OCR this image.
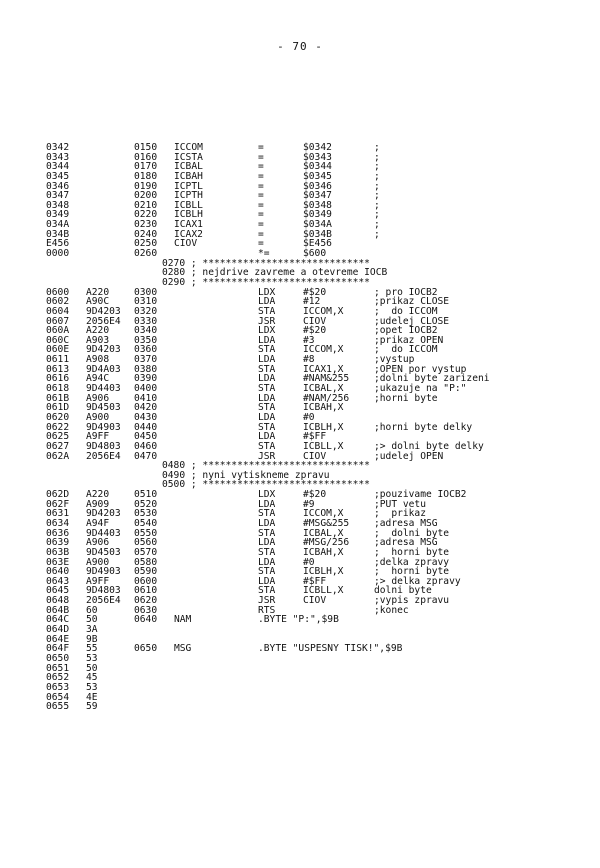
- 70 -
0342	0150 ICCOM	=	$0342	;
0343	0160 ICSTA	=	$0343	;
0344	0170 ICBAL	=	$0344	;
0345	0180 ICBAH	=	$0345	;
0346	0190 ICPTL	=	$0346	;
0347	0200 ICPTH	=	$0347	;
0348	0210 ICBLL	=	$0348	;
0349	0220 ICBLH	=	$0349	;
034A	0230 ICAX1	=	$034A	;
034B	0240 ICAX2	=	$034B	;
E456	0250 CIOV	=	$E456
0000	0260	*=	$600
0270 ; *****************************
0280 ; nejdrive zavreme a otevreme IOCB
0290 ; *****************************
0600 A220	0300	LDX	#$20	; pro IOCB2
0602 A90C	0310	LDA	#12	;prikaz CLOSE
0604 9D4203 0320	STA	ICCOM,X	;  do ICCOM
0607 2056E4 0330	JSR	CIOV	;udelej CLOSE
060A A220	0340	LDX	#$20	;opet IOCB2
060C A903	0350	LDA	#3	;prikaz OPEN
060E 9D4203 0360	STA	ICCOM,X	;  do ICCOM
0611 A908	0370	LDA	#8	;vystup
0613 9D4A03 0380	STA	ICAX1,X	;OPEN por vystup
0616 A94C	0390	LDA	#NAM&255	;dolni byte zarizeni
0618 9D4403 0400	STA	ICBAL,X	;ukazuje na "P:"
061B A906	0410	LDA	#NAM/256	;horni byte
061D 9D4503 0420	STA	ICBAH,X
0620 A900	0430	LDA	#0
0622 9D4903 0440	STA	ICBLH,X	;horni byte delky
0625 A9FF	0450	LDA	#$FF
0627 9D4803 0460	STA	ICBLL,X	;> dolni byte delky
062A 2056E4 0470	JSR	CIOV	;udelej OPEN
0480 ; *****************************
0490 ; nyni vytiskneme zpravu
0500 ; *****************************
062D A220	0510	LDX	#$20	;pouzivame IOCB2
062F A909	0520	LDA	#9	;PUT vetu
0631 9D4203 0530	STA	ICCOM,X	;  prikaz
0634 A94F	0540	LDA	#MSG&255	;adresa MSG
0636 9D4403 0550	STA	ICBAL,X	;  dolni byte
0639 A906	0560	LDA	#MSG/256	;adresa MSG
063B 9D4503 0570	STA	ICBAH,X	;  horni byte
063E A900	0580	LDA	#0	;delka zpravy
0640 9D4903 0590	STA	ICBLH,X	;  horni byte
0643 A9FF	0600	LDA	#$FF	;> delka zpravy
0645 9D4803 0610	STA	ICBLL,X	dolni byte
0648 2056E4 0620	JSR	CIOV	;vypis zpravu
064B 60	0630	RTS	;konec
064C 50	0640 NAM	.BYTE "P:",$9B
064D 3A
064E 9B
064F 55	0650 MSG	.BYTE "USPESNY TISK!",$9B
0650 53
0651 50
0652 45
0653 53
0654 4E
0655 59
